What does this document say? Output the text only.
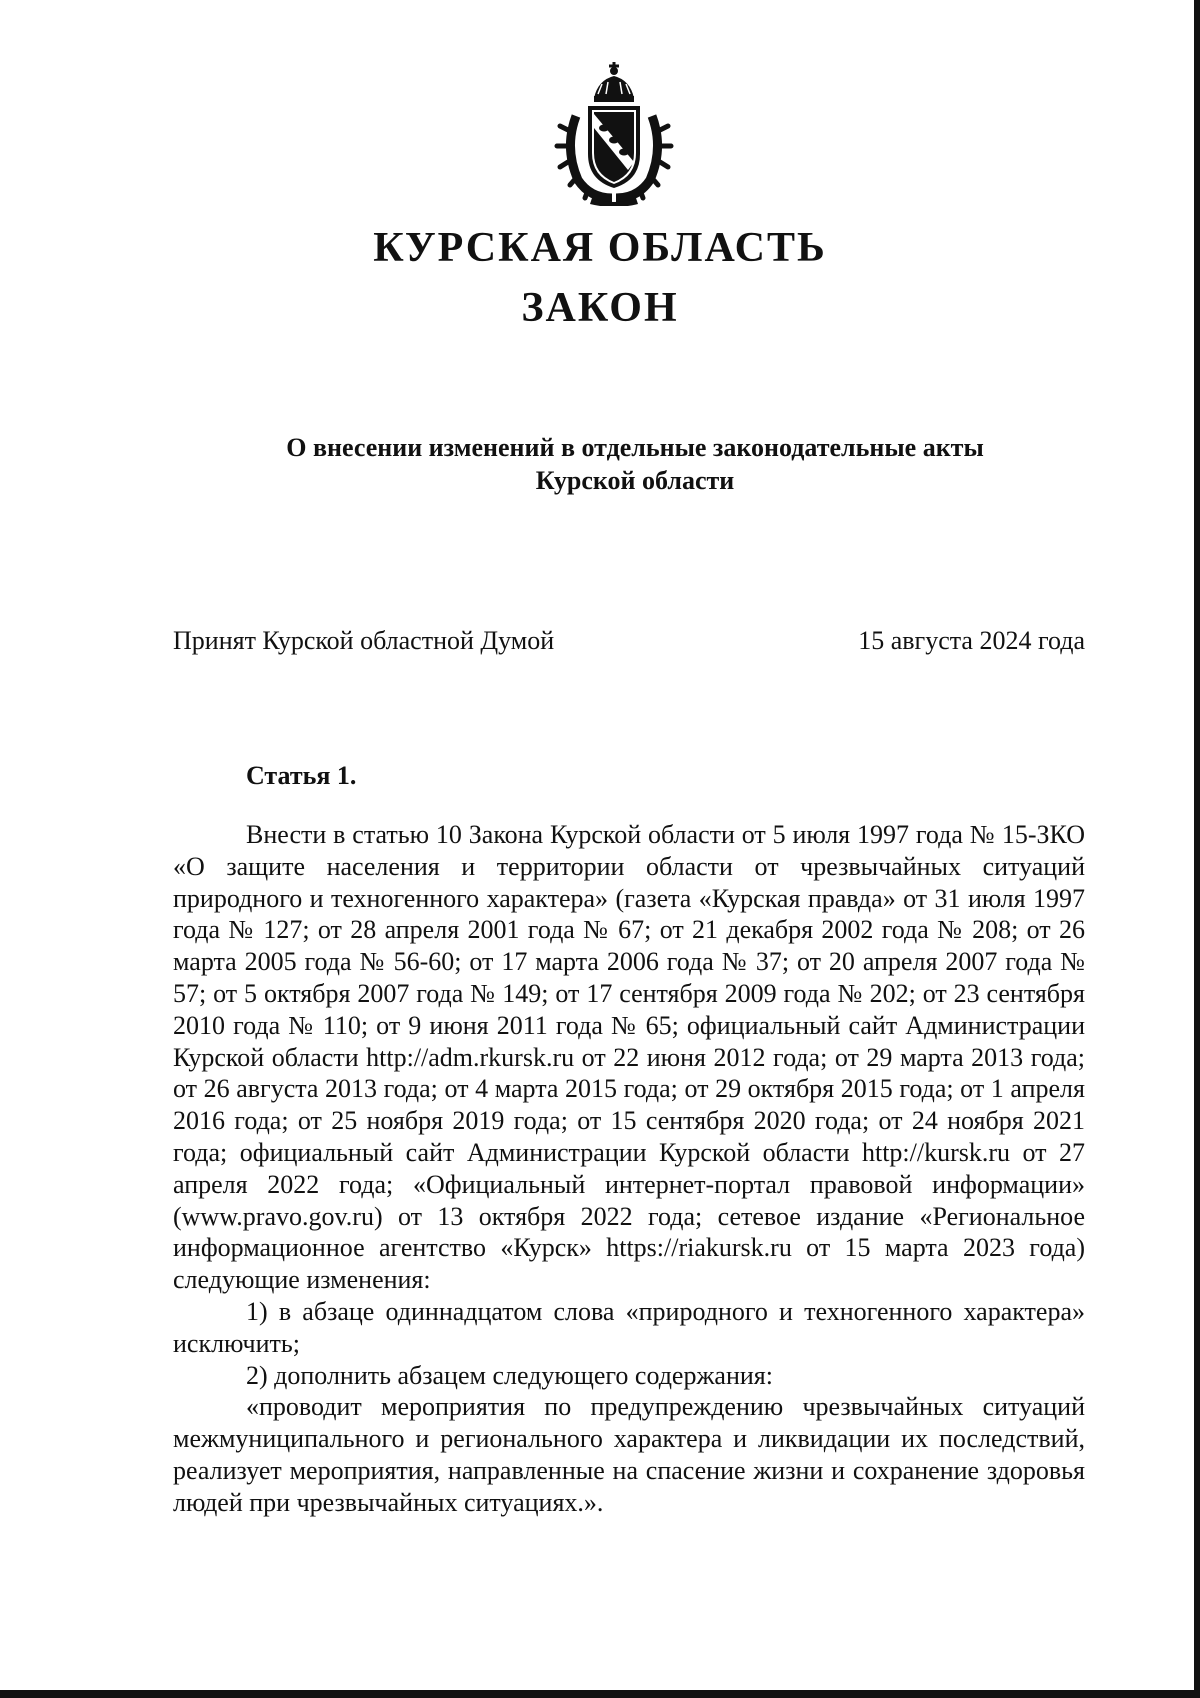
КУРСКАЯ ОБЛАСТЬ
ЗАКОН
О внесении изменений в отдельные законодательные акты
Курской области
Принят Курской областной Думой	15 августа 2024 года
Статья 1.

Внести в статью 10 Закона Курской области от 5 июля 1997 года № 15-ЗКО «О защите населения и территории области от чрезвычайных ситуаций природного и техногенного характера» (газета «Курская правда» от 31 июля 1997 года № 127; от 28 апреля 2001 года № 67; от 21 декабря 2002 года № 208; от 26 марта 2005 года № 56-60; от 17 марта 2006 года № 37; от 20 апреля 2007 года № 57; от 5 октября 2007 года № 149; от 17 сентября 2009 года № 202; от 23 сентября 2010 года № 110; от 9 июня 2011 года № 65; официальный сайт Администрации Курской области http://adm.rkursk.ru от 22 июня 2012 года; от 29 марта 2013 года; от 26 августа 2013 года; от 4 марта 2015 года; от 29 октября 2015 года; от 1 апреля 2016 года; от 25 ноября 2019 года; от 15 сентября 2020 года; от 24 ноября 2021 года; официальный сайт Администрации Курской области http://kursk.ru от 27 апреля 2022 года; «Официальный интернет-портал правовой информации» (www.pravo.gov.ru) от 13 октября 2022 года; сетевое издание «Региональное информационное агентство «Курск» https://riakursk.ru от 15 марта 2023 года) следующие изменения:

1) в абзаце одиннадцатом слова «природного и техногенного характера» исключить;

2) дополнить абзацем следующего содержания:

«проводит мероприятия по предупреждению чрезвычайных ситуаций межмуниципального и регионального характера и ликвидации их последствий, реализует мероприятия, направленные на спасение жизни и сохранение здоровья людей при чрезвычайных ситуациях.».
